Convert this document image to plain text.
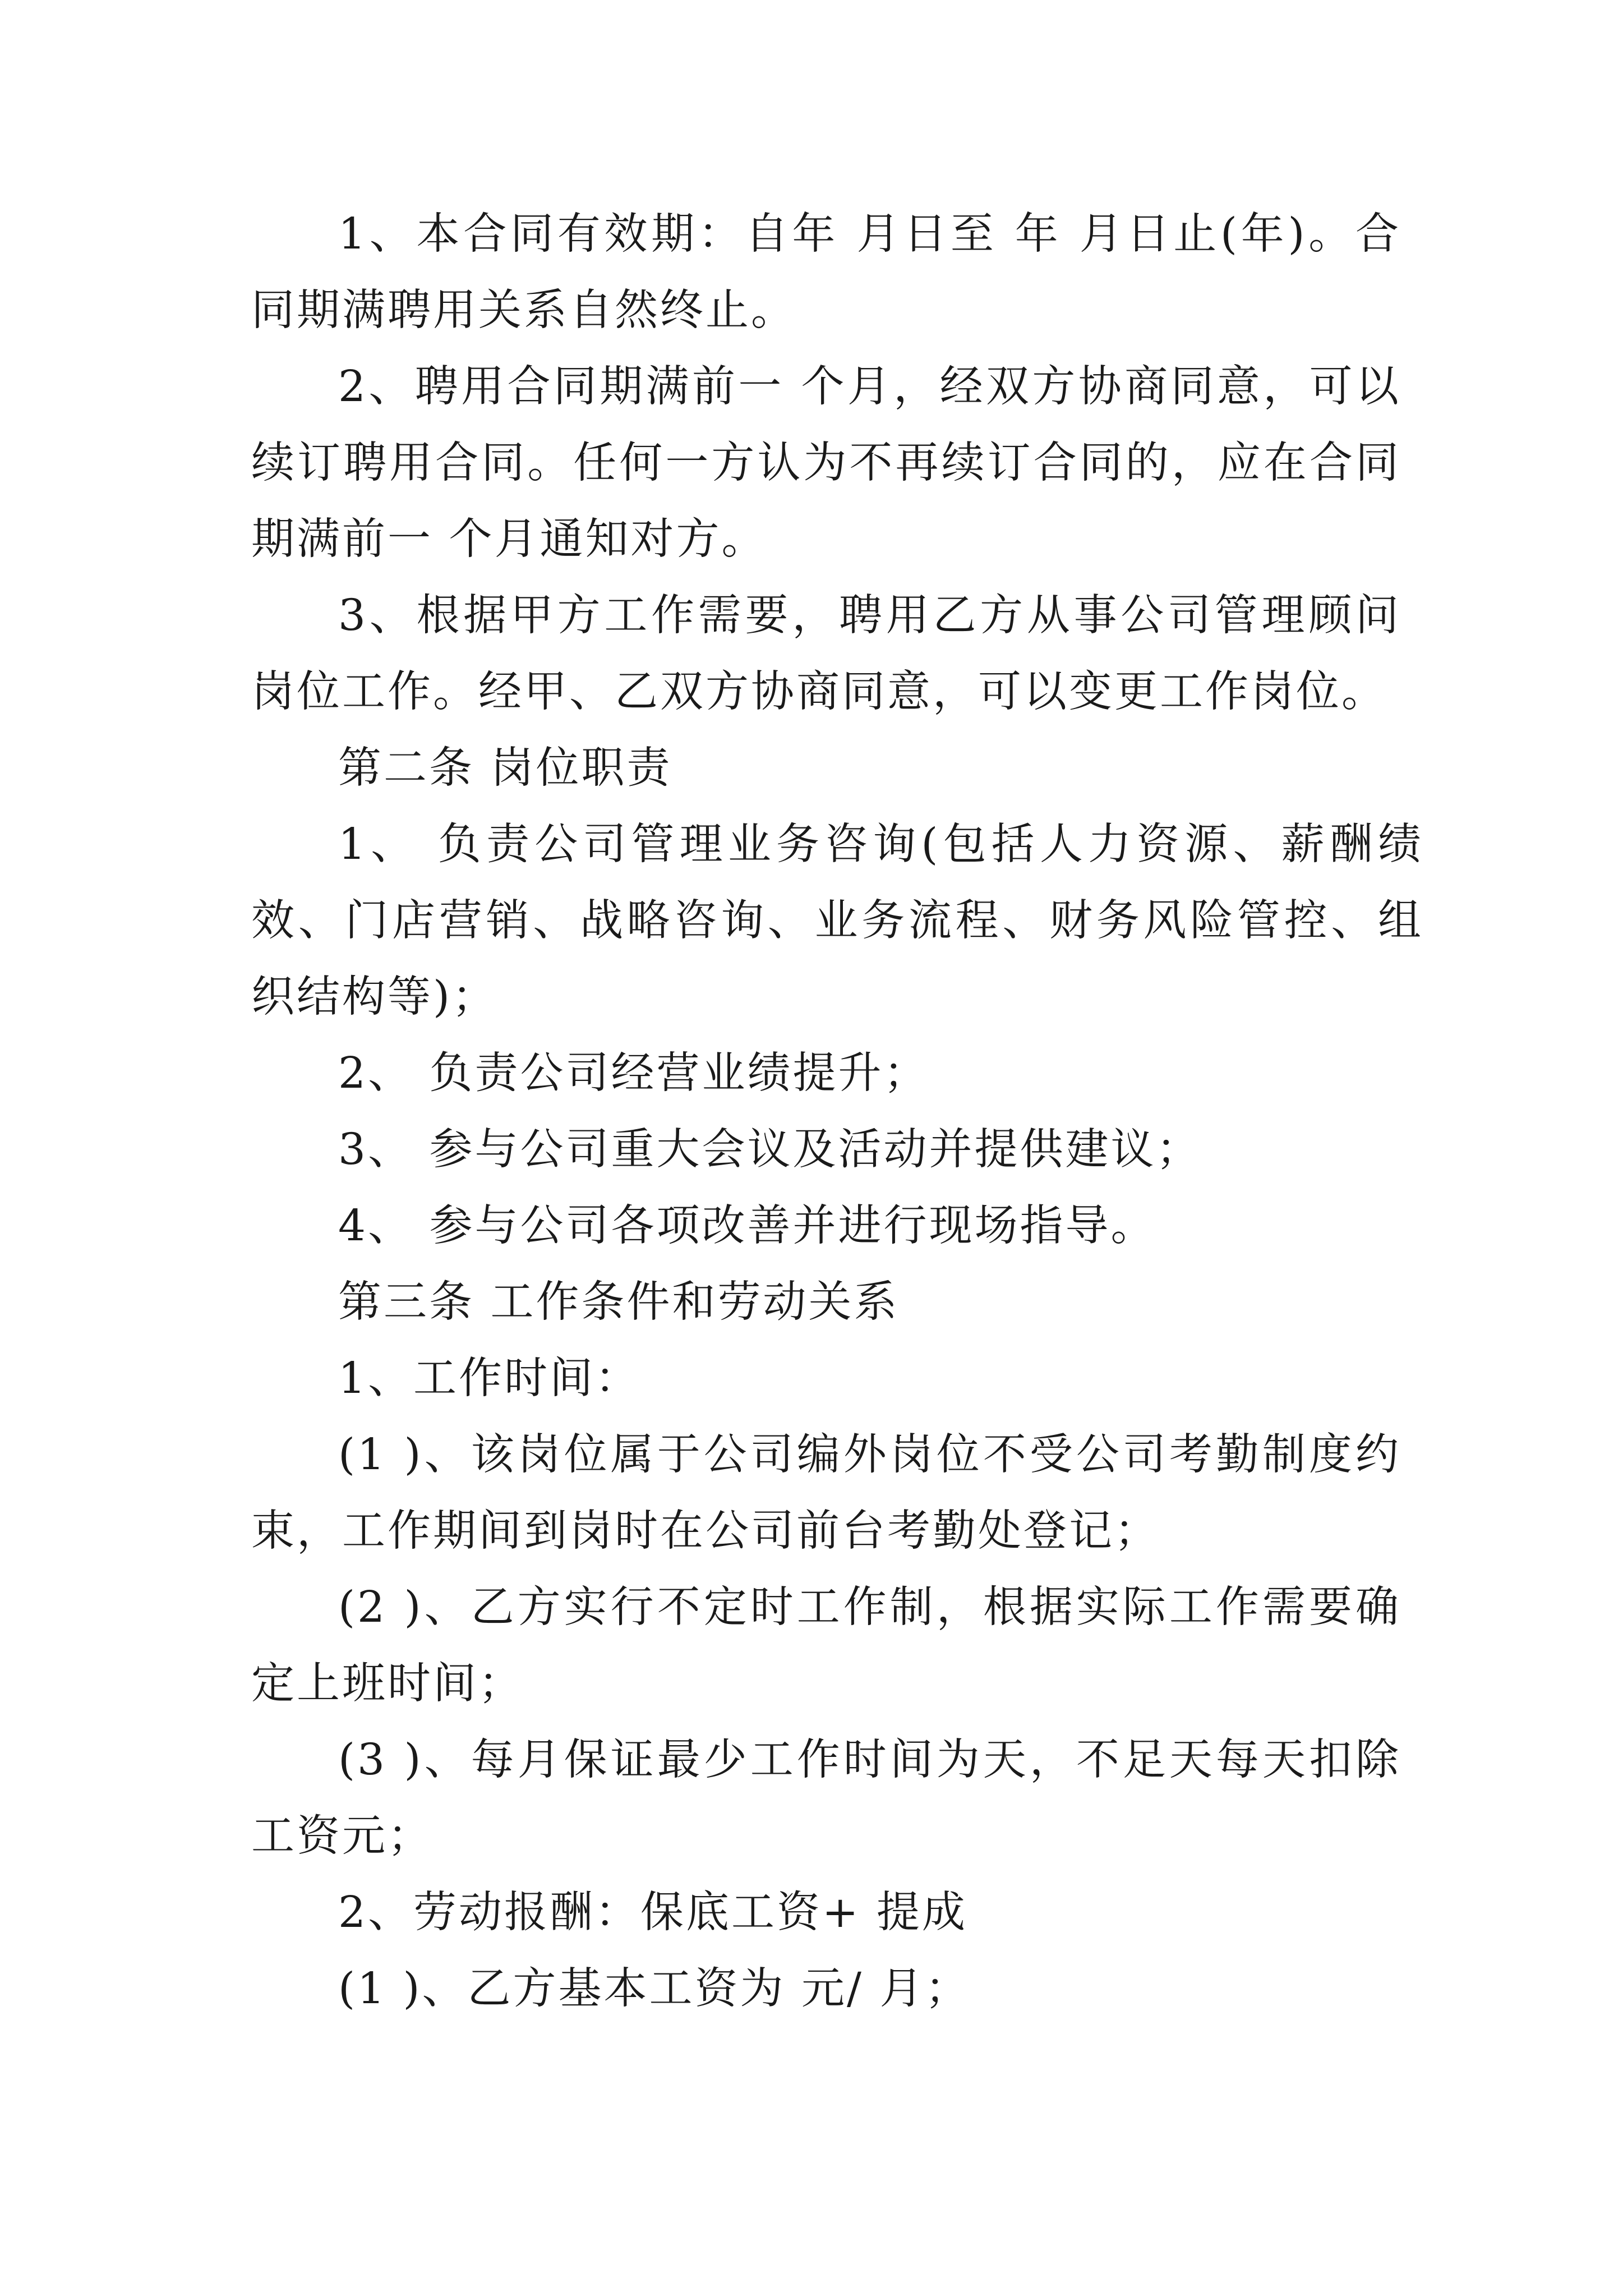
1、本合同有效期：自年 月日至 年 月日止(年)。合同期满聘用关系自然终止。

2、聘用合同期满前一 个月，经双方协商同意，可以续订聘用合同。任何一方认为不再续订合同的，应在合同期满前一 个月通知对方。

3、根据甲方工作需要，聘用乙方从事公司管理顾问 岗位工作。经甲、乙双方协商同意，可以变更工作岗位。

第二条 岗位职责

1、 负责公司管理业务咨询(包括人力资源、薪酬绩效、门店营销、战略咨询、业务流程、财务风险管控、组织结构等)；

2、 负责公司经营业绩提升；

3、 参与公司重大会议及活动并提供建议；

4、 参与公司各项改善并进行现场指导。

第三条 工作条件和劳动关系

1、工作时间：

(1 )、该岗位属于公司编外岗位不受公司考勤制度约束，工作期间到岗时在公司前台考勤处登记；

(2 )、乙方实行不定时工作制，根据实际工作需要确定上班时间；

(3 )、每月保证最少工作时间为天，不足天每天扣除工资元；

2、劳动报酬：保底工资+ 提成

(1 )、乙方基本工资为 元/ 月；
